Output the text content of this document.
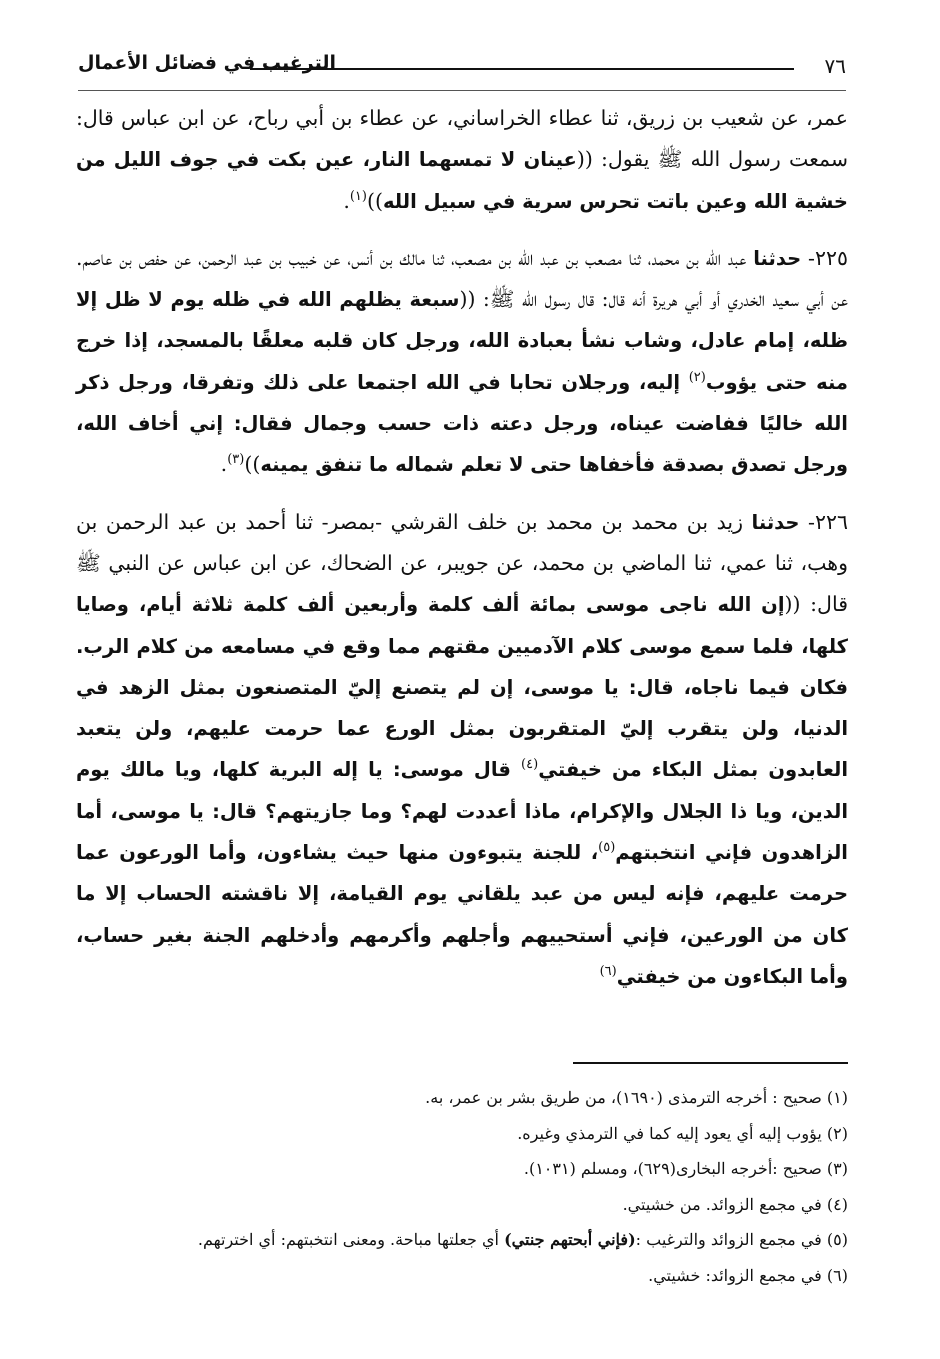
٧٦
الترغيب في فضائل الأعمال

عمر، عن شعيب بن زريق، ثنا عطاء الخراساني، عن عطاء بن أبي رباح، عن ابن عباس قال: سمعت رسول الله ﷺ يقول: ((عينان لا تمسهما النار، عين بكت في جوف الليل من خشية الله وعين باتت تحرس سرية في سبيل الله))$^{(١)}$.

٢٢٥- حدثنا عبد الله بن محمد، ثنا مصعب بن عبد الله بن مصعب، ثنا مالك بن أنس، عن خبيب بن عبد الرحمن، عن حفص بن عاصم. عن أبي سعيد الخدري أو أبي هريرة أنه قال: قال رسول الله ﷺ: ((سبعة يظلهم الله في ظله يوم لا ظل إلا ظله، إمام عادل، وشاب نشأ بعبادة الله، ورجل كان قلبه معلقًا بالمسجد، إذا خرج منه حتى يؤوب$^{(٢)}$ إليه، ورجلان تحابا في الله اجتمعا على ذلك وتفرقا، ورجل ذكر الله خاليًا ففاضت عيناه، ورجل دعته ذات حسب وجمال فقال: إني أخاف الله، ورجل تصدق بصدقة فأخفاها حتى لا تعلم شماله ما تنفق يمينه))$^{(٣)}$.

٢٢٦- حدثنا زيد بن محمد بن محمد بن خلف القرشي -بمصر- ثنا أحمد بن عبد الرحمن بن وهب، ثنا عمي، ثنا الماضي بن محمد، عن جويبر، عن الضحاك، عن ابن عباس عن النبي ﷺ قال: ((إن الله ناجى موسى بمائة ألف كلمة وأربعين ألف كلمة ثلاثة أيام، وصايا كلها، فلما سمع موسى كلام الآدميين مقتهم مما وقع في مسامعه من كلام الرب. فكان فيما ناجاه، قال: يا موسى، إن لم يتصنع إليّ المتصنعون بمثل الزهد في الدنيا، ولن يتقرب إليّ المتقربون بمثل الورع عما حرمت عليهم، ولن يتعبد العابدون بمثل البكاء من خيفتي$^{(٤)}$ قال موسى: يا إله البرية كلها، ويا مالك يوم الدين، ويا ذا الجلال والإكرام، ماذا أعددت لهم؟ وما جازيتهم؟ قال: يا موسى، أما الزاهدون فإني انتخبتهم$^{(٥)}$، للجنة يتبوءون منها حيث يشاءون، وأما الورعون عما حرمت عليهم، فإنه ليس من عبد يلقاني يوم القيامة، إلا ناقشته الحساب إلا ما كان من الورعين، فإني أستحييهم وأجلهم وأكرمهم وأدخلهم الجنة بغير حساب، وأما البكاءون من خيفتي$^{(٦)}$

(١) صحيح : أخرجه الترمذى (١٦٩٠)، من طريق بشر بن عمر، به.
(٢) يؤوب إليه أي يعود إليه كما في الترمذي وغيره.
(٣) صحيح :أخرجه البخارى(٦٢٩)، ومسلم (١٠٣١).
(٤) في مجمع الزوائد. من خشيتي.
(٥) في مجمع الزوائد والترغيب :(فإني أبحتهم جنتي) أي جعلتها مباحة. ومعنى انتخبتهم: أي اخترتهم.
(٦) في مجمع الزوائد: خشيتي.
